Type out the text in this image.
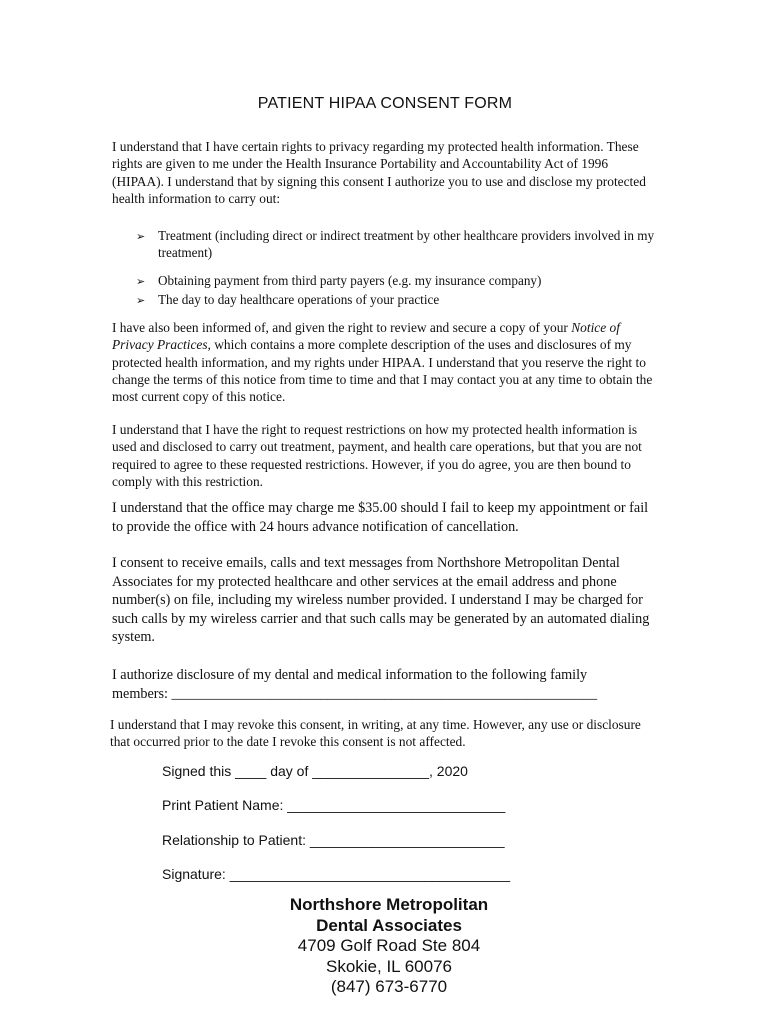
PATIENT HIPAA CONSENT FORM

I understand that I have certain rights to privacy regarding my protected health information. These rights are given to me under the Health Insurance Portability and Accountability Act of 1996 (HIPAA). I understand that by signing this consent I authorize you to use and disclose my protected health information to carry out:

➢ Treatment (including direct or indirect treatment by other healthcare providers involved in my treatment)
➢ Obtaining payment from third party payers (e.g. my insurance company)
➢ The day to day healthcare operations of your practice

I have also been informed of, and given the right to review and secure a copy of your Notice of Privacy Practices, which contains a more complete description of the uses and disclosures of my protected health information, and my rights under HIPAA. I understand that you reserve the right to change the terms of this notice from time to time and that I may contact you at any time to obtain the most current copy of this notice.

I understand that I have the right to request restrictions on how my protected health information is used and disclosed to carry out treatment, payment, and health care operations, but that you are not required to agree to these requested restrictions. However, if you do agree, you are then bound to comply with this restriction.

I understand that the office may charge me $35.00 should I fail to keep my appointment or fail to provide the office with 24 hours advance notification of cancellation.

I consent to receive emails, calls and text messages from Northshore Metropolitan Dental Associates for my protected healthcare and other services at the email address and phone number(s) on file, including my wireless number provided. I understand I may be charged for such calls by my wireless carrier and that such calls may be generated by an automated dialing system.

I authorize disclosure of my dental and medical information to the following family
members: ____________________________________________________________

I understand that I may revoke this consent, in writing, at any time. However, any use or disclosure that occurred prior to the date I revoke this consent is not affected.

Signed this ____ day of _______________, 2020
Print Patient Name: ____________________________
Relationship to Patient: _________________________
Signature: ____________________________________
Northshore Metropolitan
Dental Associates
4709 Golf Road Ste 804
Skokie, IL 60076
(847) 673-6770
